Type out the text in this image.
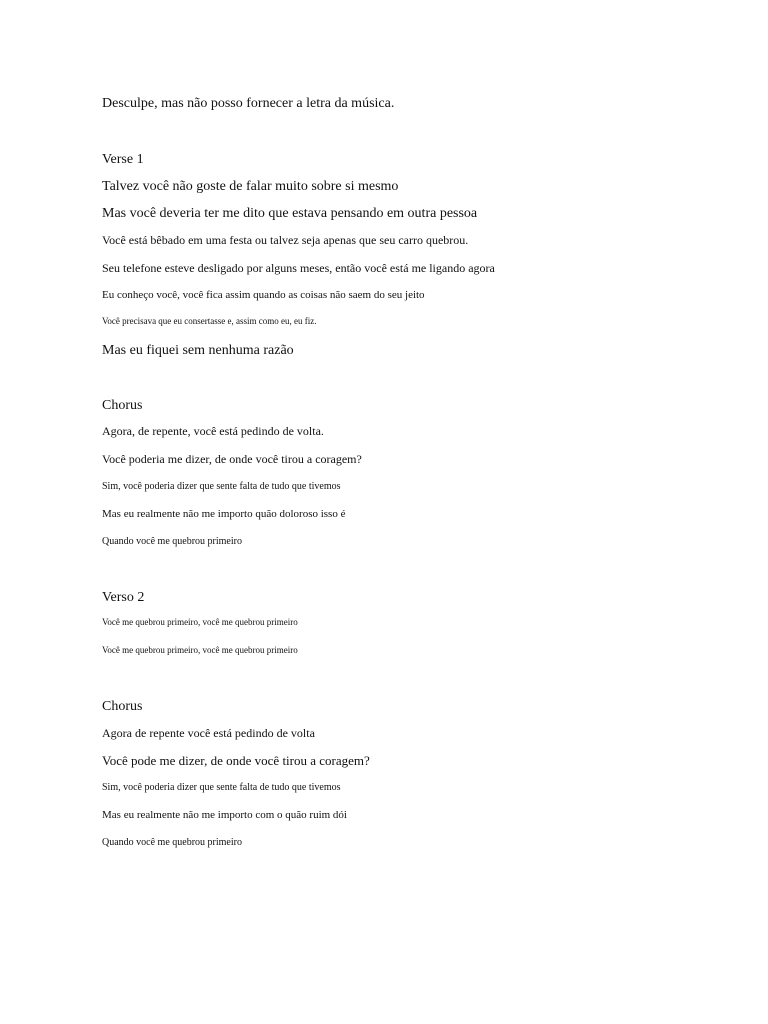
Desculpe, mas não posso fornecer a letra da música.
Verse 1
Talvez você não goste de falar muito sobre si mesmo
Mas você deveria ter me dito que estava pensando em outra pessoa
Você está bêbado em uma festa ou talvez seja apenas que seu carro quebrou.
Seu telefone esteve desligado por alguns meses, então você está me ligando agora
Eu conheço você, você fica assim quando as coisas não saem do seu jeito
Você precisava que eu consertasse e, assim como eu, eu fiz.
Mas eu fiquei sem nenhuma razão
Chorus
Agora, de repente, você está pedindo de volta.
Você poderia me dizer, de onde você tirou a coragem?
Sim, você poderia dizer que sente falta de tudo que tivemos
Mas eu realmente não me importo quão doloroso isso é
Quando você me quebrou primeiro
Verso 2
Você me quebrou primeiro, você me quebrou primeiro
Você me quebrou primeiro, você me quebrou primeiro
Chorus
Agora de repente você está pedindo de volta
Você pode me dizer, de onde você tirou a coragem?
Sim, você poderia dizer que sente falta de tudo que tivemos
Mas eu realmente não me importo com o quão ruim dói
Quando você me quebrou primeiro
